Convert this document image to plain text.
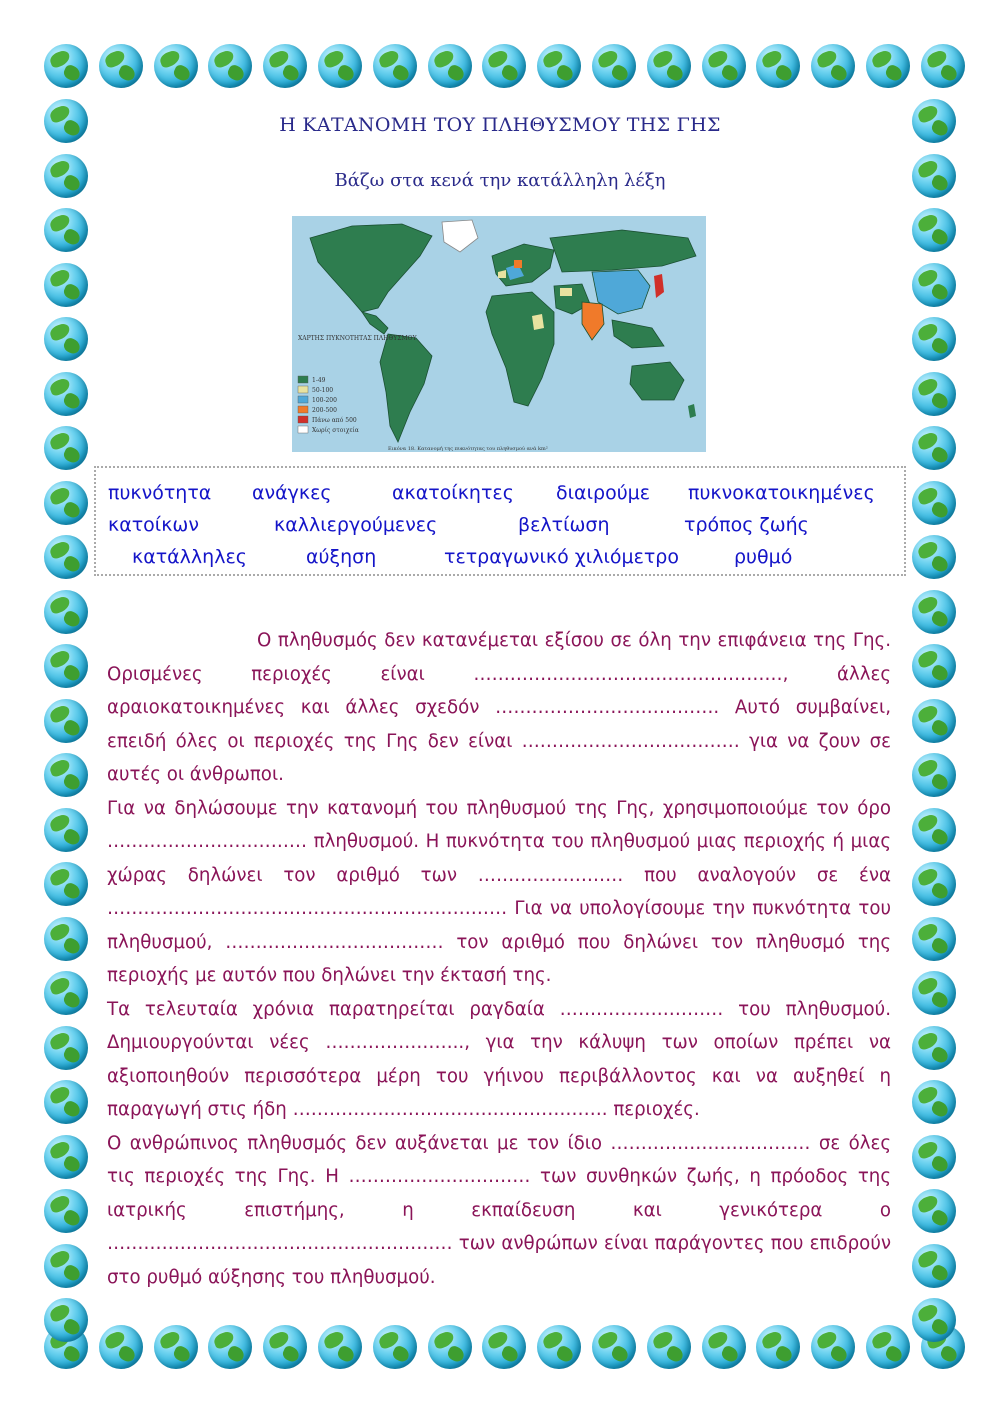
Η ΚΑΤΑΝΟΜΗ ΤΟΥ ΠΛΗΘΥΣΜΟΥ ΤΗΣ ΓΗΣ
Βάζω στα κενά την κατάλληλη λέξη
ΧΑΡΤΗΣ ΠΥΚΝΟΤΗΤΑΣ ΠΛΗΘΥΣΜΟΥ
1-49
50-100
100-200
200-500
Πάνω από 500
Χωρίς στοιχεία
Εικόνα 18. Κατανομή της πυκνότητας του πληθυσμού ανά km²
πυκνότητα ανάγκες	ακατοίκητες διαιρούμε πυκνοκατοικημένες
κατοίκων	καλλιεργούμενες	βελτίωση	τρόπος ζωής
κατάλληλες	αύξηση	τετραγωνικό χιλιόμετρο	ρυθμό

Ο πληθυσμός δεν κατανέμεται εξίσου σε όλη την επιφάνεια της Γης. Ορισμένες περιοχές είναι ……………………………………………, άλλες αραιοκατοικημένες και άλλες σχεδόν ………………………………. Αυτό συμβαίνει, επειδή όλες οι περιοχές της Γης δεν είναι ……………………………… για να ζουν σε αυτές οι άνθρωποι.

Για να δηλώσουμε την κατανομή του πληθυσμού της Γης, χρησιμοποιούμε τον όρο …………………………… πληθυσμού. Η πυκνότητα του πληθυσμού μιας περιοχής ή μιας χώρας δηλώνει τον αριθμό των …………………… που αναλογούν σε ένα ………………………………………………………… Για να υπολογίσουμε την πυκνότητα του πληθυσμού, ……………………………… τον αριθμό που δηλώνει τον πληθυσμό της περιοχής με αυτόν που δηλώνει την έκτασή της.

Τα τελευταία χρόνια παρατηρείται ραγδαία ……………………… του πληθυσμού. Δημιουργούνται νέες ………………….., για την κάλυψη των οποίων πρέπει να αξιοποιηθούν περισσότερα μέρη του γήινου περιβάλλοντος και να αυξηθεί η παραγωγή στις ήδη ……………………………………………. περιοχές.

Ο ανθρώπινος πληθυσμός δεν αυξάνεται με τον ίδιο …………………………… σε όλες τις περιοχές της Γης. Η ………………………… των συνθηκών ζωής, η πρόοδος της ιατρικής επιστήμης, η εκπαίδευση και γενικότερα ο ………………………………………………… των ανθρώπων είναι παράγοντες που επιδρούν στο ρυθμό αύξησης του πληθυσμού.
